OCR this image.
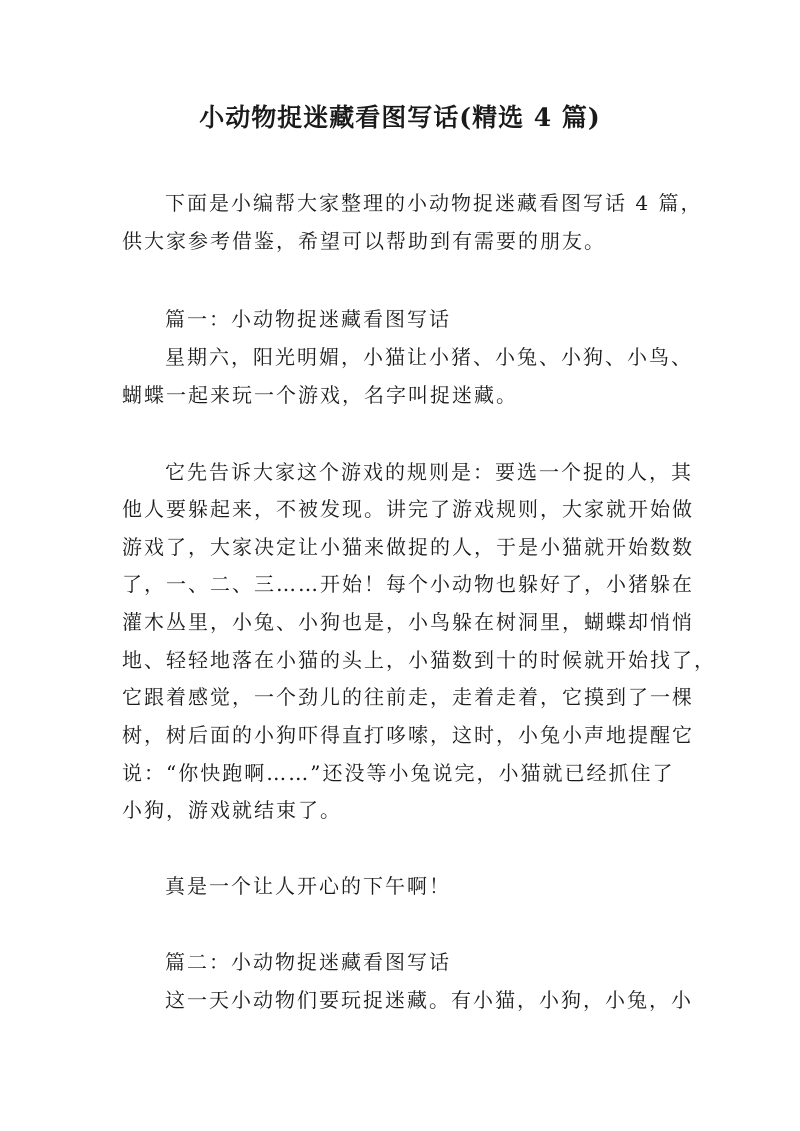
小动物捉迷藏看图写话(精选 4 篇)
下面是小编帮大家整理的小动物捉迷藏看图写话 4 篇，
供大家参考借鉴，希望可以帮助到有需要的朋友。
篇一：小动物捉迷藏看图写话
星期六，阳光明媚，小猫让小猪、小兔、小狗、小鸟、
蝴蝶一起来玩一个游戏，名字叫捉迷藏。
它先告诉大家这个游戏的规则是：要选一个捉的人，其
他人要躲起来，不被发现。讲完了游戏规则，大家就开始做
游戏了，大家决定让小猫来做捉的人，于是小猫就开始数数
了，一、二、三……开始！每个小动物也躲好了，小猪躲在
灌木丛里，小兔、小狗也是，小鸟躲在树洞里，蝴蝶却悄悄
地、轻轻地落在小猫的头上，小猫数到十的时候就开始找了，
它跟着感觉，一个劲儿的往前走，走着走着，它摸到了一棵
树，树后面的小狗吓得直打哆嗦，这时，小兔小声地提醒它
说：“你快跑啊……”还没等小兔说完，小猫就已经抓住了
小狗，游戏就结束了。
真是一个让人开心的下午啊！
篇二：小动物捉迷藏看图写话
这一天小动物们要玩捉迷藏。有小猫，小狗，小兔，小
